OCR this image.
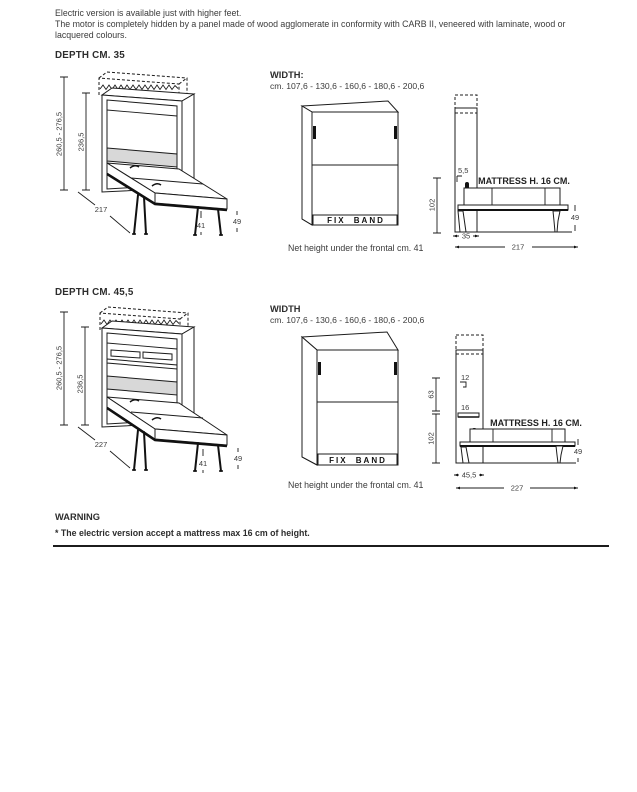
Electric version is available just with higher feet.
The motor is completely hidden by a panel made of wood agglomerate in conformity with CARB II, veneered with laminate, wood or
lacquered colours.
DEPTH CM. 35
260,5 - 276,5 236,5
217
41	49
WIDTH:
cm. 107,6 - 130,6 - 160,6 - 180,6 - 200,6
FIX BAND
Net height under the frontal cm. 41
102
5,5
MATTRESS H. 16 CM.
49
35
217
DEPTH CM. 45,5
260,5 - 276,5 236,5
227
41
49
WIDTH
cm. 107,6 - 130,6 - 160,6 - 180,6 - 200,6
FIX BAND
Net height under the frontal cm. 41
63
102
12
16
MATTRESS H. 16 CM.
49
45,5
227
WARNING
* The electric version accept a mattress max 16 cm of height.
